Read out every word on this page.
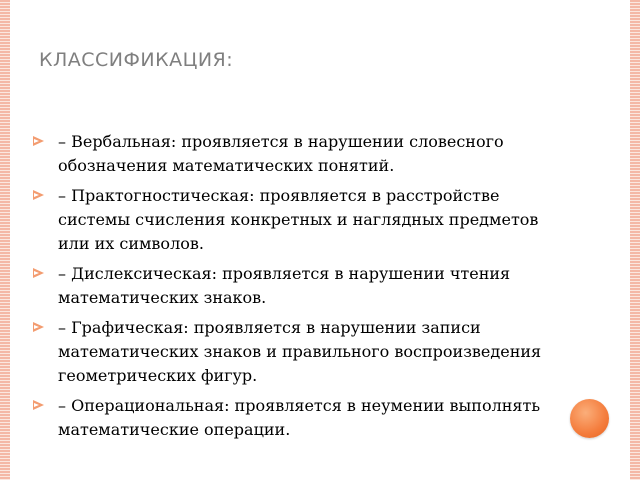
КЛАССИФИКАЦИЯ:
– Вербальная: проявляется в нарушении словесного обозначения математических понятий.
– Практогностическая: проявляется в расстройстве системы счисления конкретных и наглядных предметов или их символов.
– Дислексическая: проявляется в нарушении чтения математических знаков.
– Графическая: проявляется в нарушении записи математических знаков и правильного воспроизведения геометрических фигур.
– Операциональная: проявляется в неумении выполнять математические операции.
